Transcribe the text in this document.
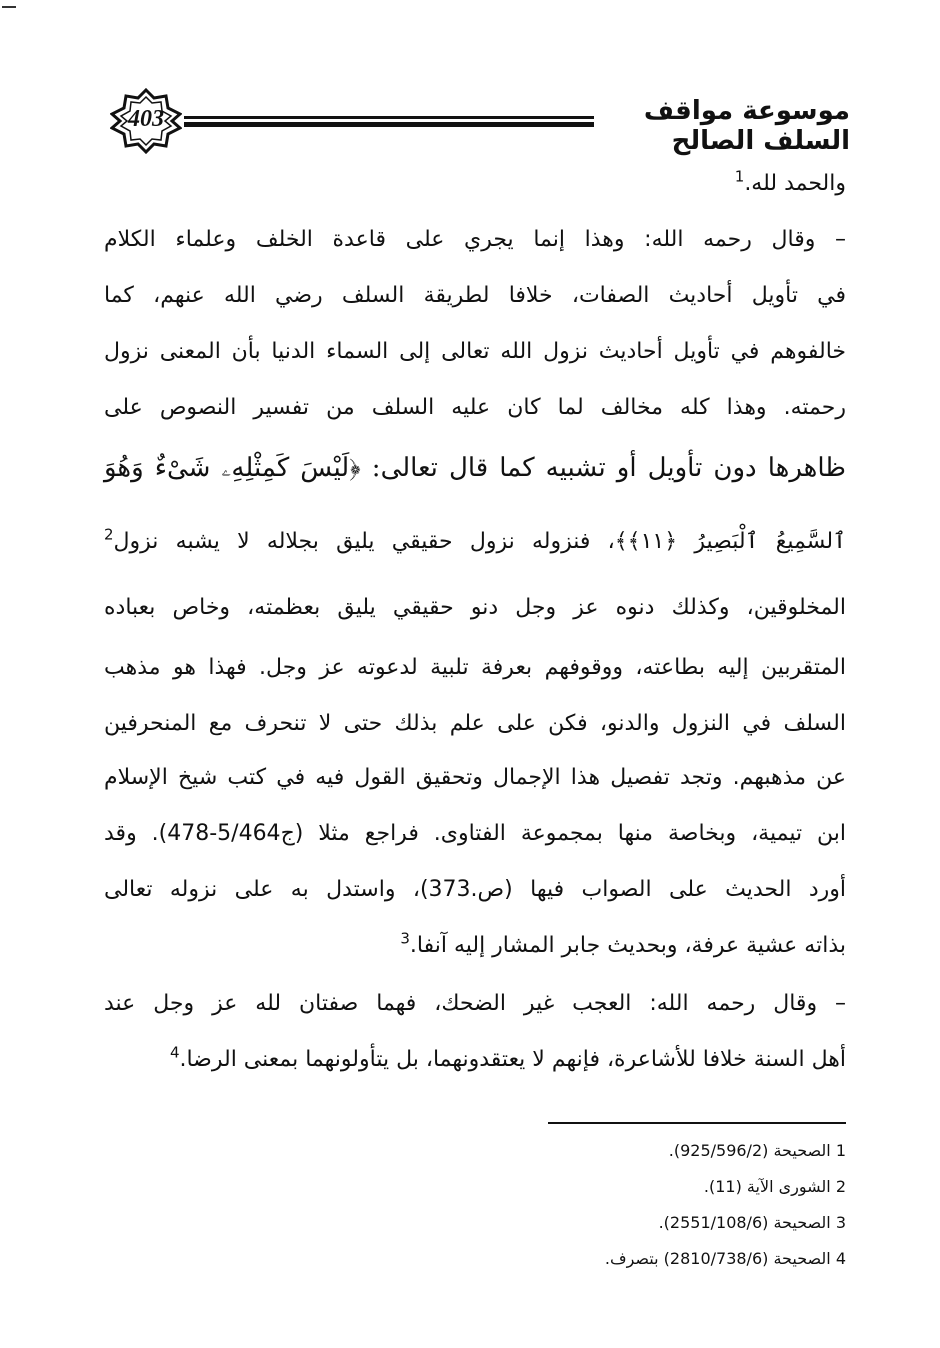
403	موسوعة مواقف السلف الصالح
والحمد لله.$^1$
– وقال رحمه الله: وهذا إنما يجري على قاعدة الخلف وعلماء الكلام
في تأويل أحاديث الصفات، خلافا لطريقة السلف رضي الله عنهم، كما
خالفوهم في تأويل أحاديث نزول الله تعالى إلى السماء الدنيا بأن المعنى نزول
رحمته. وهذا كله مخالف لما كان عليه السلف من تفسير النصوص على
ظاهرها دون تأويل أو تشبيه كما قال تعالى: ﴿لَيْسَ كَمِثْلِهِۦ شَىْءٌ وَهُوَ
ٱلسَّمِيعُ ٱلْبَصِيرُ ﴿١١﴾﴾، فنزوله نزول حقيقي يليق بجلاله لا يشبه نزول$^2$
المخلوقين، وكذلك دنوه عز وجل دنو حقيقي يليق بعظمته، وخاص بعباده
المتقربين إليه بطاعته، ووقوفهم بعرفة تلبية لدعوته عز وجل. فهذا هو مذهب
السلف في النزول والدنو، فكن على علم بذلك حتى لا تنحرف مع المنحرفين
عن مذهبهم. وتجد تفصيل هذا الإجمال وتحقيق القول فيه في كتب شيخ الإسلام
ابن تيمية، وبخاصة منها بمجموعة الفتاوى. فراجع مثلا (ج5/464-478). وقد
أورد الحديث على الصواب فيها (ص.373)، واستدل به على نزوله تعالى
بذاته عشية عرفة، وبحديث جابر المشار إليه آنفا.$^3$
– وقال رحمه الله: العجب غير الضحك، فهما صفتان لله عز وجل عند
أهل السنة خلافا للأشاعرة، فإنهم لا يعتقدونهما، بل يتأولونهما بمعنى الرضا.$^4$
1 الصحيحة (925/596/2).
2 الشورى الآية (11).
3 الصحيحة (2551/108/6).
4 الصحيحة (2810/738/6) بتصرف.
